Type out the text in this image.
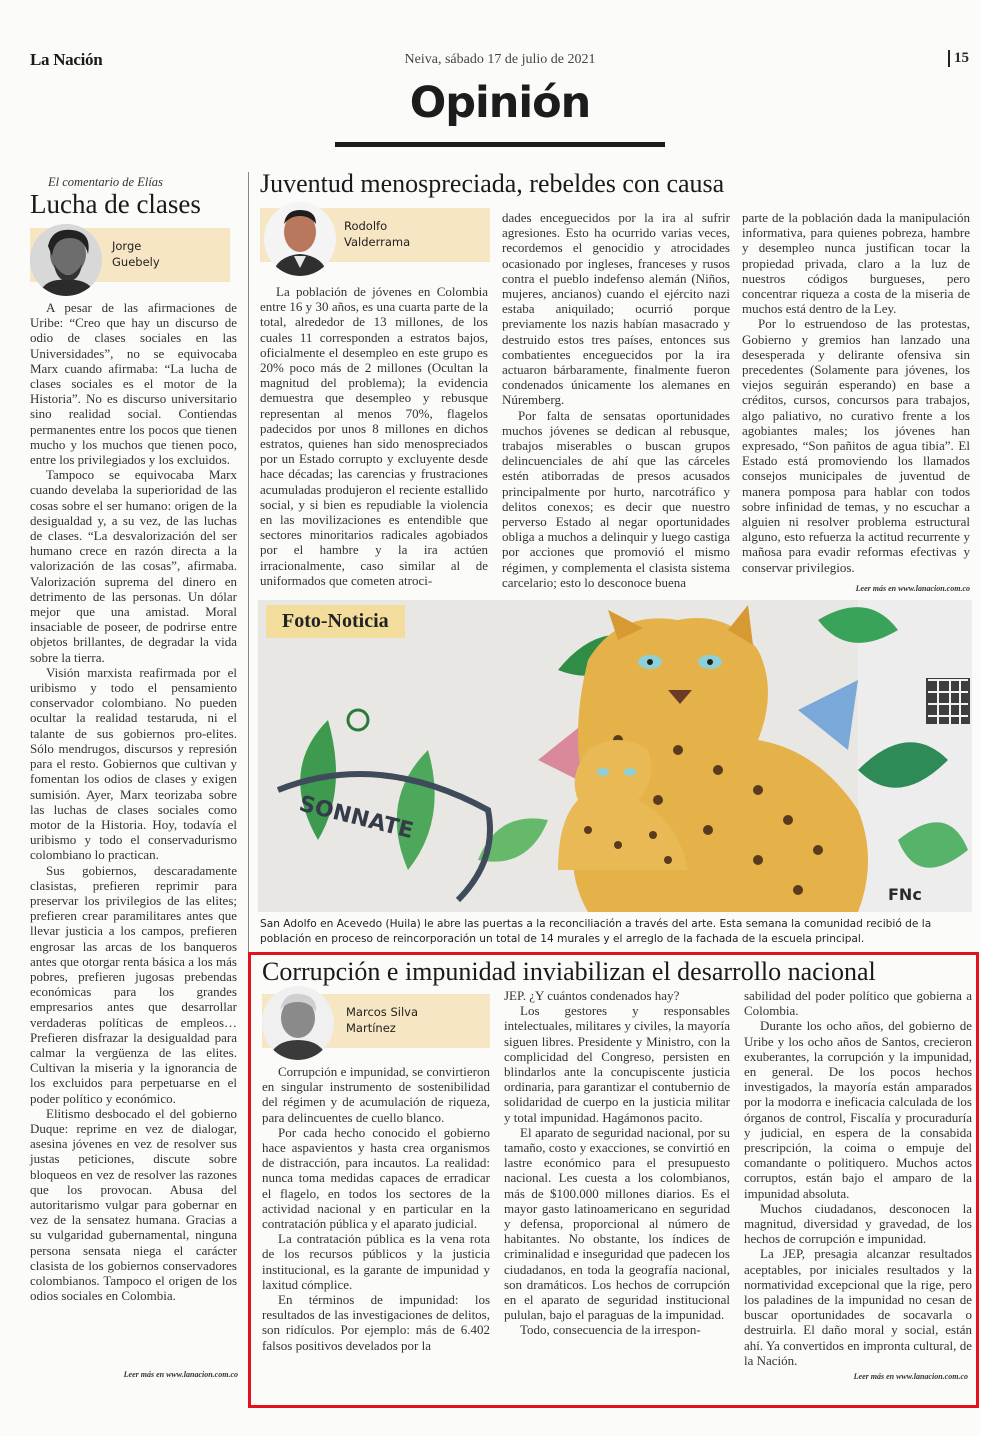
La Nación	Neiva, sábado 17 de julio de 2021	15
Opinión
El comentario de Elías
Lucha de clases
Jorge
Guebely

A pesar de las afirmaciones de Uribe: “Creo que hay un discurso de odio de clases sociales en las Universidades”, no se equivocaba Marx cuando afirmaba: “La lucha de clases sociales es el motor de la Historia”. No es discurso universitario sino realidad social. Contiendas permanentes entre los pocos que tienen mucho y los muchos que tienen poco, entre los privilegiados y los excluidos.

Tampoco se equivocaba Marx cuando develaba la superioridad de las cosas sobre el ser humano: origen de la desigualdad y, a su vez, de las luchas de clases. “La desvalorización del ser humano crece en razón directa a la valorización de las cosas”, afirmaba. Valorización suprema del dinero en detrimento de las personas. Un dólar mejor que una amistad. Moral insaciable de poseer, de podrirse entre objetos brillantes, de degradar la vida sobre la tierra.

Visión marxista reafirmada por el uribismo y todo el pensamiento conservador colombiano. No pueden ocultar la realidad testaruda, ni el talante de sus gobiernos pro-elites. Sólo mendrugos, discursos y represión para el resto. Gobiernos que cultivan y fomentan los odios de clases y exigen sumisión. Ayer, Marx teorizaba sobre las luchas de clases sociales como motor de la Historia. Hoy, todavía el uribismo y todo el conservadurismo colombiano lo practican.

Sus gobiernos, descaradamente clasistas, prefieren reprimir para preservar los privilegios de las elites; prefieren crear paramilitares antes que llevar justicia a los campos, prefieren engrosar las arcas de los banqueros antes que otorgar renta básica a los más pobres, prefieren jugosas prebendas económicas para los grandes empresarios antes que desarrollar verdaderas políticas de empleos… Prefieren disfrazar la desigualdad para calmar la vergüenza de las elites. Cultivan la miseria y la ignorancia de los excluidos para perpetuarse en el poder político y económico.

Elitismo desbocado el del gobierno Duque: reprime en vez de dialogar, asesina jóvenes en vez de resolver sus justas peticiones, discute sobre bloqueos en vez de resolver las razones que los provocan. Abusa del autoritarismo vulgar para gobernar en vez de la sensatez humana. Gracias a su vulgaridad gubernamental, ninguna persona sensata niega el carácter clasista de los gobiernos conservadores colombianos. Tampoco el origen de los odios sociales en Colombia.

Leer más en www.lanacion.com.co
Juventud menospreciada, rebeldes con causa
Rodolfo
Valderrama

La población de jóvenes en Colombia entre 16 y 30 años, es una cuarta parte de la total, alrededor de 13 millones, de los cuales 11 corresponden a estratos bajos, oficialmente el desempleo en este grupo es 20% poco más de 2 millones (Ocultan la magnitud del problema); la evidencia demuestra que desempleo y rebusque representan al menos 70%, flagelos padecidos por unos 8 millones en dichos estratos, quienes han sido menospreciados por un Estado corrupto y excluyente desde hace décadas; las carencias y frustraciones acumuladas produjeron el reciente estallido social, y si bien es repudiable la violencia en las movilizaciones es entendible que sectores minoritarios radicales agobiados por el hambre y la ira actúen irracionalmente, caso similar al de uniformados que cometen atroci-

dades enceguecidos por la ira al sufrir agresiones. Esto ha ocurrido varias veces, recordemos el genocidio y atrocidades ocasionado por ingleses, franceses y rusos contra el pueblo indefenso alemán (Niños, mujeres, ancianos) cuando el ejército nazi estaba aniquilado; ocurrió porque previamente los nazis habían masacrado y destruido estos tres países, entonces sus combatientes enceguecidos por la ira actuaron bárbaramente, finalmente fueron condenados únicamente los alemanes en Núremberg.

Por falta de sensatas oportunidades muchos jóvenes se dedican al rebusque, trabajos miserables o buscan grupos delincuenciales de ahí que las cárceles estén atiborradas de presos acusados principalmente por hurto, narcotráfico y delitos conexos; es decir que nuestro perverso Estado al negar oportunidades obliga a muchos a delinquir y luego castiga por acciones que promovió el mismo régimen, y complementa el clasista sistema carcelario; esto lo desconoce buena

parte de la población dada la manipulación informativa, para quienes pobreza, hambre y desempleo nunca justifican tocar la propiedad privada, claro a la luz de nuestros códigos burgueses, pero concentrar riqueza a costa de la miseria de muchos está dentro de la Ley.

Por lo estruendoso de las protestas, Gobierno y gremios han lanzado una desesperada y delirante ofensiva sin precedentes (Solamente para jóvenes, los viejos seguirán esperando) en base a créditos, cursos, concursos para trabajos, algo paliativo, no curativo frente a los agobiantes males; los jóvenes han expresado, “Son pañitos de agua tibia”. El Estado está promoviendo los llamados consejos municipales de juventud de manera pomposa para hablar con todos sobre infinidad de temas, y no escuchar a alguien ni resolver problema estructural alguno, esto refuerza la actitud recurrente y mañosa para evadir reformas efectivas y conservar privilegios.

Leer más en www.lanacion.com.co
SONNATE
FNc
Foto-Noticia
San Adolfo en Acevedo (Huila) le abre las puertas a la reconciliación a través del arte. Esta semana la comunidad recibió de la población en proceso de reincorporación un total de 14 murales y el arreglo de la fachada de la escuela principal.
Corrupción e impunidad inviabilizan el desarrollo nacional
Marcos Silva
Martínez

Corrupción e impunidad, se convirtieron en singular instrumento de sostenibilidad del régimen y de acumulación de riqueza, para delincuentes de cuello blanco.

Por cada hecho conocido el gobierno hace aspavientos y hasta crea organismos de distracción, para incautos. La realidad: nunca toma medidas capaces de erradicar el flagelo, en todos los sectores de la actividad nacional y en particular en la contratación pública y el aparato judicial.

La contratación pública es la vena rota de los recursos públicos y la justicia institucional, es la garante de impunidad y laxitud cómplice.

En términos de impunidad: los resultados de las investigaciones de delitos, son ridículos. Por ejemplo: más de 6.402 falsos positivos develados por la

JEP. ¿Y cuántos condenados hay?

Los gestores y responsables intelectuales, militares y civiles, la mayoría siguen libres. Presidente y Ministro, con la complicidad del Congreso, persisten en blindarlos ante la concupiscente justicia ordinaria, para garantizar el contubernio de solidaridad de cuerpo en la justicia militar y total impunidad. Hagámonos pacito.

El aparato de seguridad nacional, por su tamaño, costo y exacciones, se convirtió en lastre económico para el presupuesto nacional. Les cuesta a los colombianos, más de $100.000 millones diarios. Es el mayor gasto latinoamericano en seguridad y defensa, proporcional al número de habitantes. No obstante, los índices de criminalidad e inseguridad que padecen los ciudadanos, en toda la geografía nacional, son dramáticos. Los hechos de corrupción en el aparato de seguridad institucional pululan, bajo el paraguas de la impunidad.

Todo, consecuencia de la irrespon-

sabilidad del poder político que gobierna a Colombia.

Durante los ocho años, del gobierno de Uribe y los ocho años de Santos, crecieron exuberantes, la corrupción y la impunidad, en general. De los pocos hechos investigados, la mayoría están amparados por la modorra e ineficacia calculada de los órganos de control, Fiscalía y procuraduría y judicial, en espera de la consabida prescripción, la coima o empuje del comandante o politiquero. Muchos actos corruptos, están bajo el amparo de la impunidad absoluta.

Muchos ciudadanos, desconocen la magnitud, diversidad y gravedad, de los hechos de corrupción e impunidad.

La JEP, presagia alcanzar resultados aceptables, por iniciales resultados y la normatividad excepcional que la rige, pero los paladines de la impunidad no cesan de buscar oportunidades de socavarla o destruirla. El daño moral y social, están ahí. Ya convertidos en impronta cultural, de la Nación.

Leer más en www.lanacion.com.co
